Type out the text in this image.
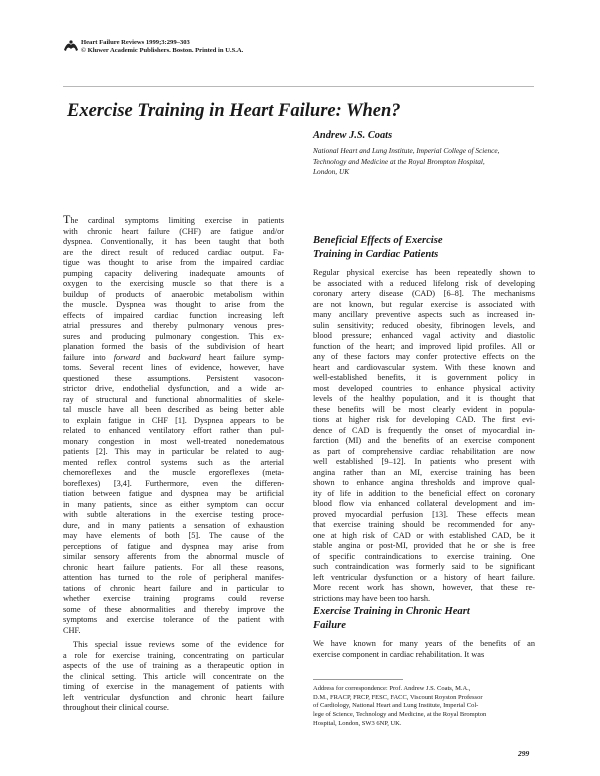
Heart Failure Reviews 1999;3:299–303
© Kluwer Academic Publishers. Boston. Printed in U.S.A.
Exercise Training in Heart Failure: When?
Andrew J.S. Coats
National Heart and Lung Institute, Imperial College of Science,
Technology and Medicine at the Royal Brompton Hospital,
London, UK
The cardinal symptoms limiting exercise in patients
with chronic heart failure (CHF) are fatigue and/or
dyspnea. Conventionally, it has been taught that both
are the direct result of reduced cardiac output. Fa-
tigue was thought to arise from the impaired cardiac
pumping capacity delivering inadequate amounts of
oxygen to the exercising muscle so that there is a
buildup of products of anaerobic metabolism within
the muscle. Dyspnea was thought to arise from the
effects of impaired cardiac function increasing left
atrial pressures and thereby pulmonary venous pres-
sures and producing pulmonary congestion. This ex-
planation formed the basis of the subdivision of heart
failure into forward and backward heart failure symp-
toms. Several recent lines of evidence, however, have
questioned these assumptions. Persistent vasocon-
strictor drive, endothelial dysfunction, and a wide ar-
ray of structural and functional abnormalities of skele-
tal muscle have all been described as being better able
to explain fatigue in CHF [1]. Dyspnea appears to be
related to enhanced ventilatory effort rather than pul-
monary congestion in most well-treated nonedematous
patients [2]. This may in particular be related to aug-
mented reflex control systems such as the arterial
chemoreflexes and the muscle ergoreflexes (meta-
boreflexes) [3,4]. Furthermore, even the differen-
tiation between fatigue and dyspnea may be artificial
in many patients, since as either symptom can occur
with subtle alterations in the exercise testing proce-
dure, and in many patients a sensation of exhaustion
may have elements of both [5]. The cause of the
perceptions of fatigue and dyspnea may arise from
similar sensory afferents from the abnormal muscle of
chronic heart failure patients. For all these reasons,
attention has turned to the role of peripheral manifes-
tations of chronic heart failure and in particular to
whether exercise training programs could reverse
some of these abnormalities and thereby improve the
symptoms and exercise tolerance of the patient with
CHF.
This special issue reviews some of the evidence for
a role for exercise training, concentrating on particular
aspects of the use of training as a therapeutic option in
the clinical setting. This article will concentrate on the
timing of exercise in the management of patients with
left ventricular dysfunction and chronic heart failure
throughout their clinical course.
Beneficial Effects of Exercise
Training in Cardiac Patients
Regular physical exercise has been repeatedly shown to
be associated with a reduced lifelong risk of developing
coronary artery disease (CAD) [6–8]. The mechanisms
are not known, but regular exercise is associated with
many ancillary preventive aspects such as increased in-
sulin sensitivity; reduced obesity, fibrinogen levels, and
blood pressure; enhanced vagal activity and diastolic
function of the heart; and improved lipid profiles. All or
any of these factors may confer protective effects on the
heart and cardiovascular system. With these known and
well-established benefits, it is government policy in
most developed countries to enhance physical activity
levels of the healthy population, and it is thought that
these benefits will be most clearly evident in popula-
tions at higher risk for developing CAD. The first evi-
dence of CAD is frequently the onset of myocardial in-
farction (MI) and the benefits of an exercise component
as part of comprehensive cardiac rehabilitation are now
well established [9–12]. In patients who present with
angina rather than an MI, exercise training has been
shown to enhance angina thresholds and improve qual-
ity of life in addition to the beneficial effect on coronary
blood flow via enhanced collateral development and im-
proved myocardial perfusion [13]. These effects mean
that exercise training should be recommended for any-
one at high risk of CAD or with established CAD, be it
stable angina or post-MI, provided that he or she is free
of specific contraindications to exercise training. One
such contraindication was formerly said to be significant
left ventricular dysfunction or a history of heart failure.
More recent work has shown, however, that these re-
strictions may have been too harsh.
Exercise Training in Chronic Heart
Failure
We have known for many years of the benefits of an
exercise component in cardiac rehabilitation. It was
Address for correspondence: Prof. Andrew J.S. Coats, M.A.,
D.M., FRACP, FRCP, FESC, FACC, Viscount Royston Professor
of Cardiology, National Heart and Lung Institute, Imperial Col-
lege of Science, Technology and Medicine, at the Royal Brompton
Hospital, London, SW3 6NP, UK.
299
